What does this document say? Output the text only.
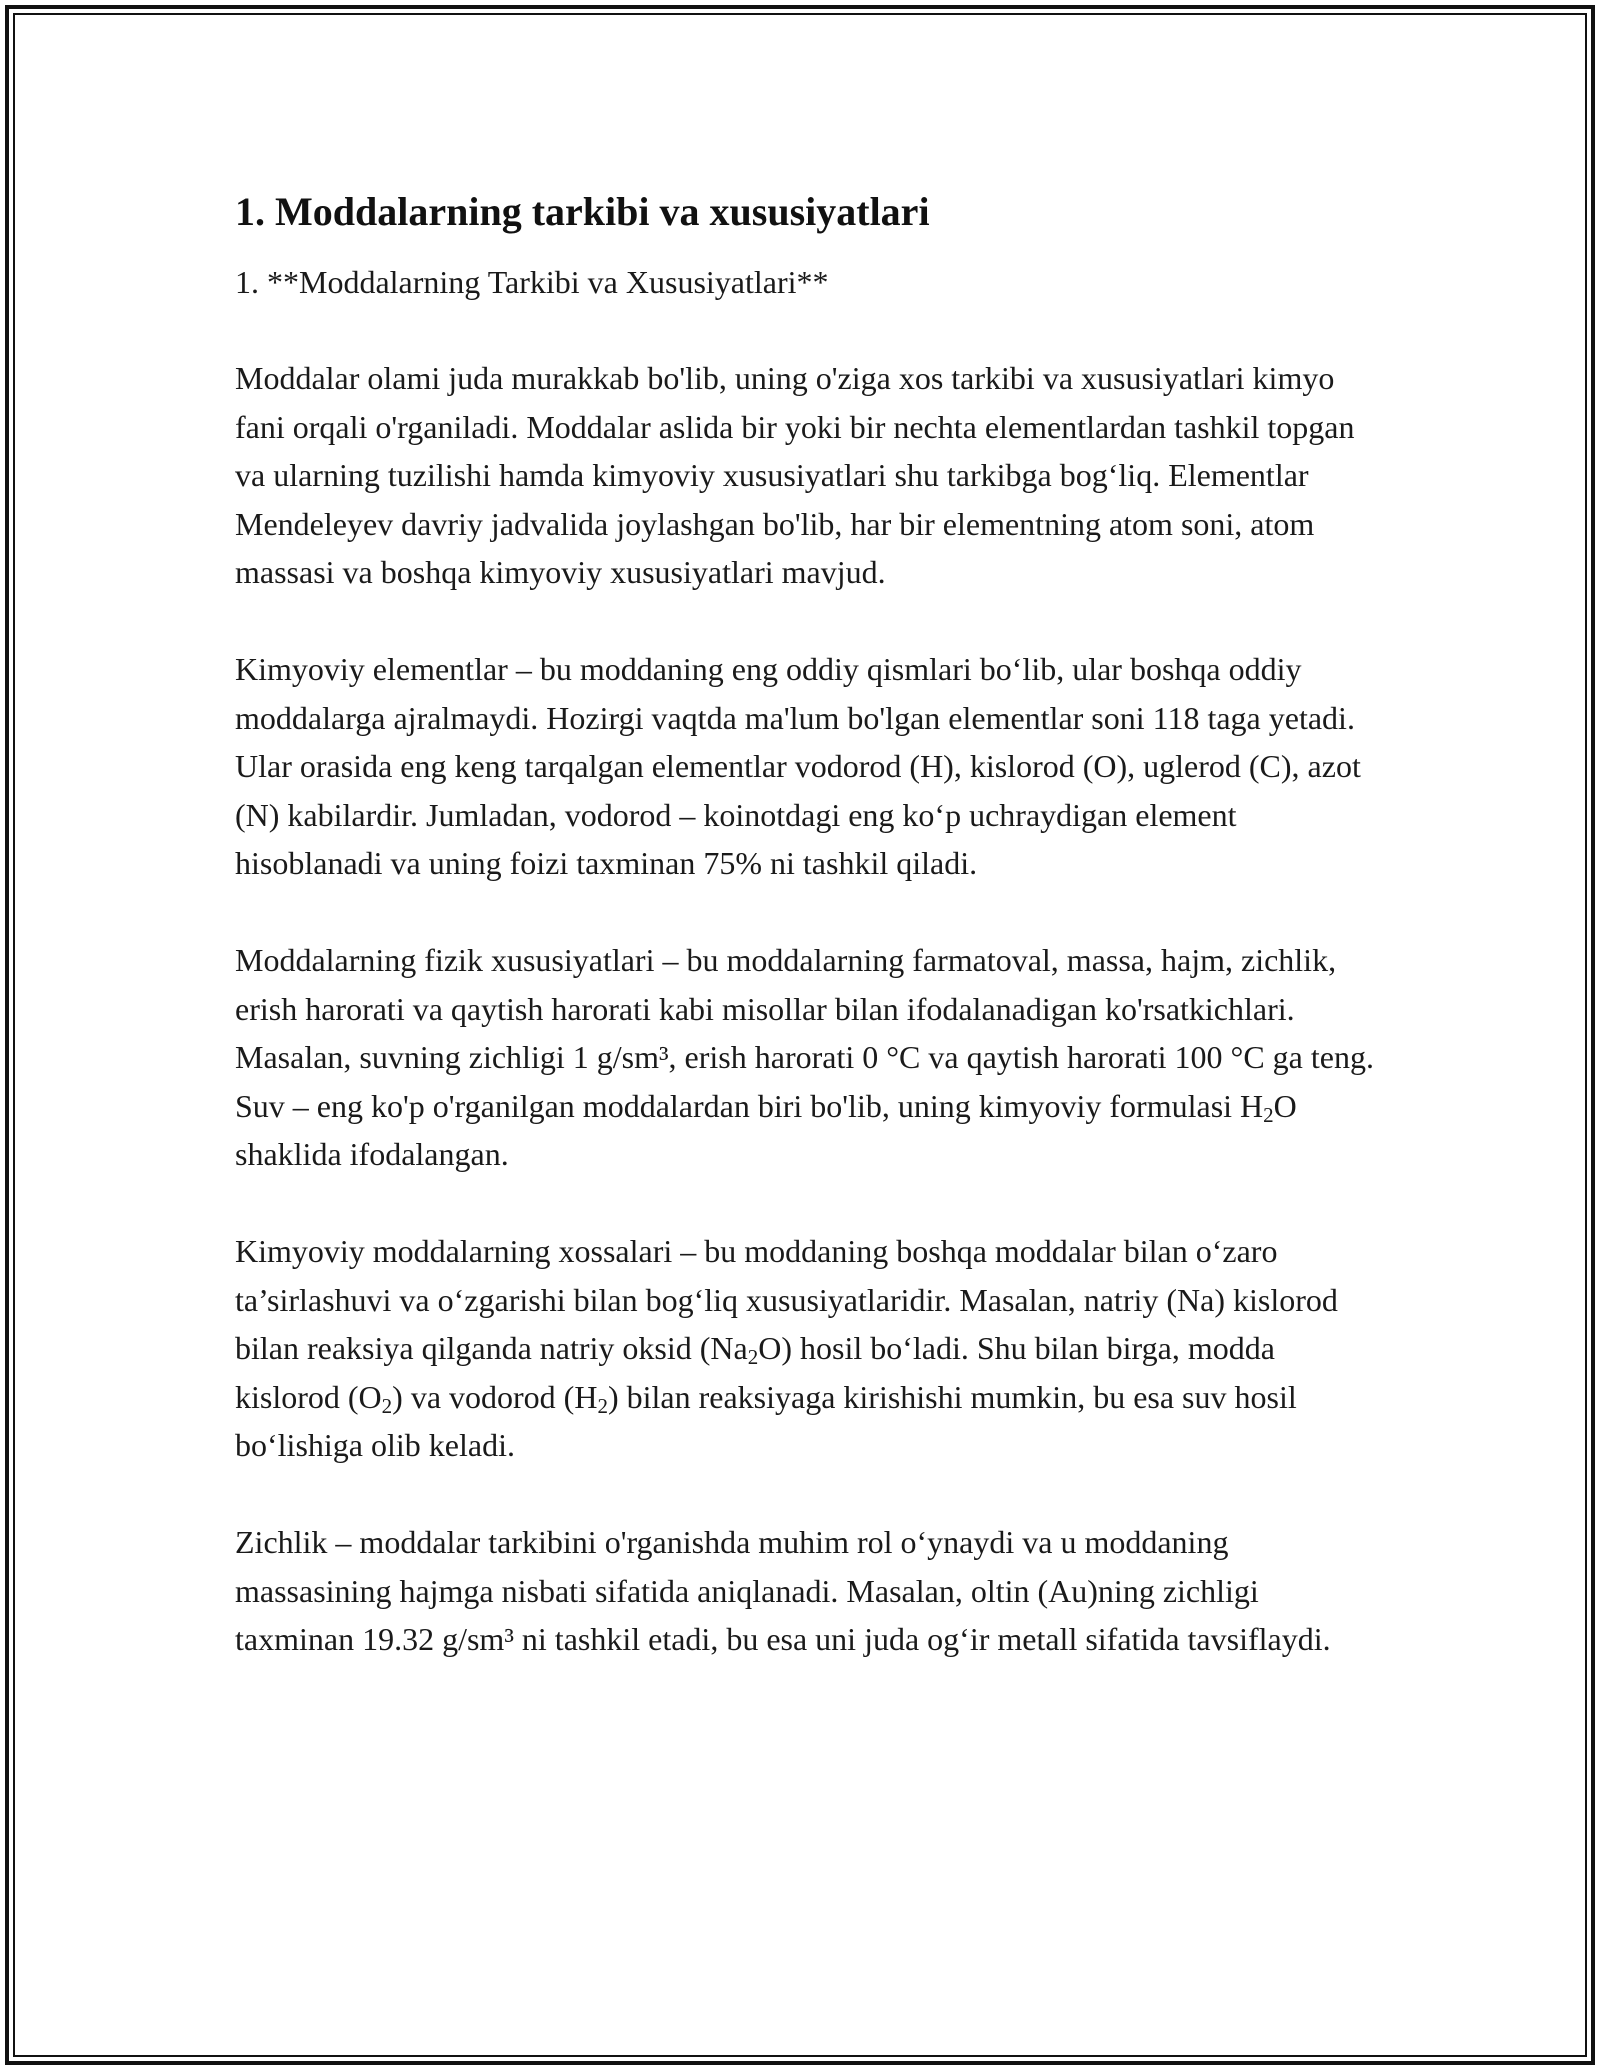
1. Moddalarning tarkibi va xususiyatlari

1. **Moddalarning Tarkibi va Xususiyatlari**

Moddalar olami juda murakkab bo'lib, uning o'ziga xos tarkibi va xususiyatlari kimyo fani orqali o'rganiladi. Moddalar aslida bir yoki bir nechta elementlardan tashkil topgan va ularning tuzilishi hamda kimyoviy xususiyatlari shu tarkibga bog‘liq. Elementlar Mendeleyev davriy jadvalida joylashgan bo'lib, har bir elementning atom soni, atom massasi va boshqa kimyoviy xususiyatlari mavjud.

Kimyoviy elementlar – bu moddaning eng oddiy qismlari bo‘lib, ular boshqa oddiy moddalarga ajralmaydi. Hozirgi vaqtda ma'lum bo'lgan elementlar soni 118 taga yetadi. Ular orasida eng keng tarqalgan elementlar vodorod (H), kislorod (O), uglerod (C), azot (N) kabilardir. Jumladan, vodorod – koinotdagi eng ko‘p uchraydigan element hisoblanadi va uning foizi taxminan 75% ni tashkil qiladi.

Moddalarning fizik xususiyatlari – bu moddalarning farmatoval, massa, hajm, zichlik, erish harorati va qaytish harorati kabi misollar bilan ifodalanadigan ko'rsatkichlari. Masalan, suvning zichligi 1 g/sm³, erish harorati 0 °C va qaytish harorati 100 °C ga teng. Suv – eng ko'p o'rganilgan moddalardan biri bo'lib, uning kimyoviy formulasi $H_2O$ shaklida ifodalangan.

Kimyoviy moddalarning xossalari – bu moddaning boshqa moddalar bilan o‘zaro ta’sirlashuvi va o‘zgarishi bilan bog‘liq xususiyatlaridir. Masalan, natriy (Na) kislorod bilan reaksiya qilganda natriy oksid $(Na_2O)$ hosil bo‘ladi. Shu bilan birga, modda kislorod $(O_2)$ va vodorod $(H_2)$ bilan reaksiyaga kirishishi mumkin, bu esa suv hosil bo‘lishiga olib keladi.

Zichlik – moddalar tarkibini o'rganishda muhim rol o‘ynaydi va u moddaning massasining hajmga nisbati sifatida aniqlanadi. Masalan, oltin (Au)ning zichligi taxminan 19.32 g/sm³ ni tashkil etadi, bu esa uni juda og‘ir metall sifatida tavsiflaydi.
